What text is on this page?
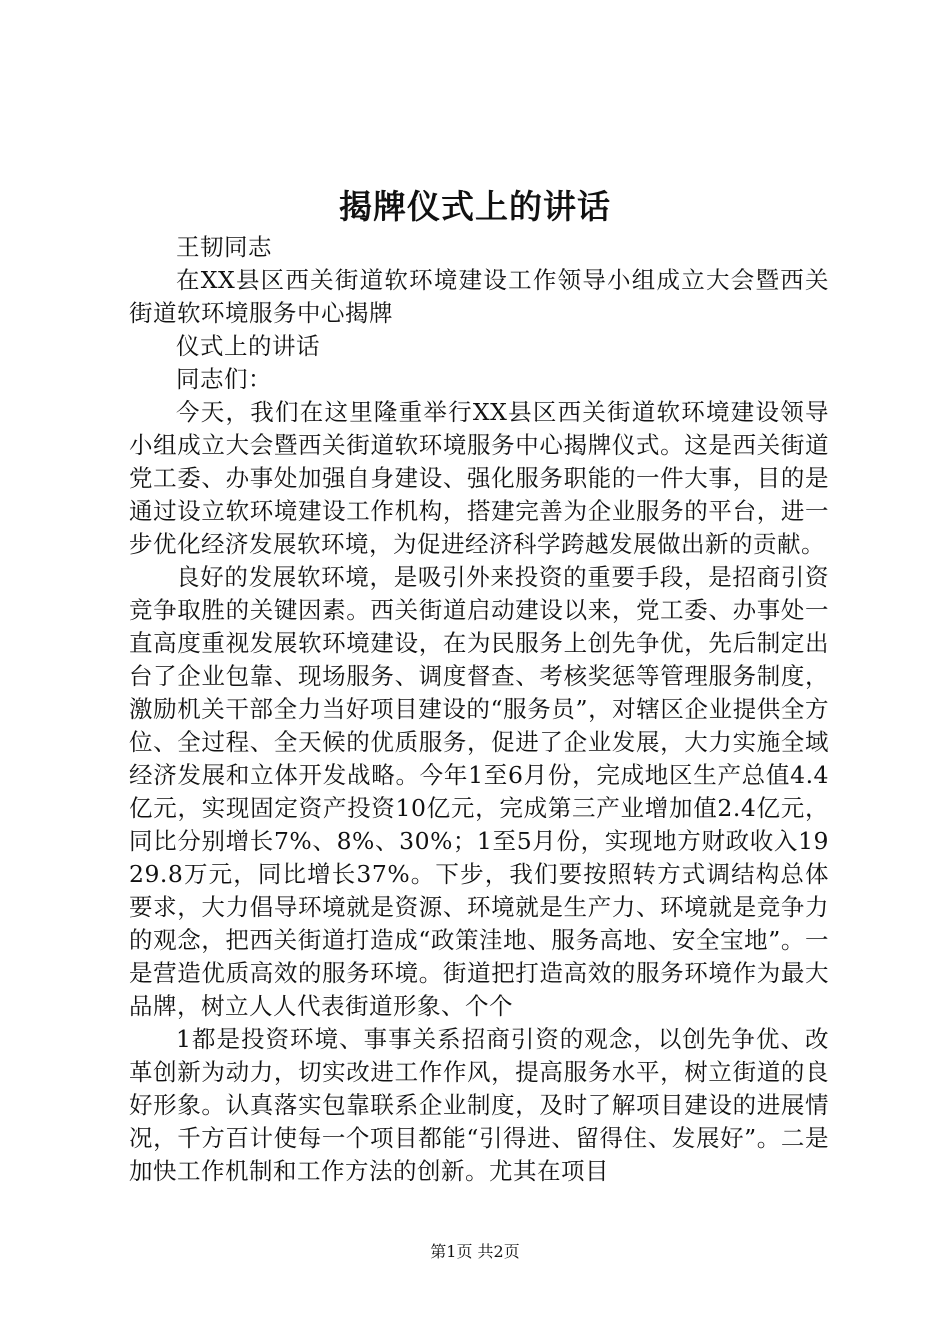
揭牌仪式上的讲话

王韧同志

在XX县区西关街道软环境建设工作领导小组成立大会暨西关街道软环境服务中心揭牌

仪式上的讲话

同志们：

今天，我们在这里隆重举行XX县区西关街道软环境建设领导小组成立大会暨西关街道软环境服务中心揭牌仪式。这是西关街道党工委、办事处加强自身建设、强化服务职能的一件大事，目的是通过设立软环境建设工作机构，搭建完善为企业服务的平台，进一步优化经济发展软环境，为促进经济科学跨越发展做出新的贡献。

良好的发展软环境，是吸引外来投资的重要手段，是招商引资竞争取胜的关键因素。西关街道启动建设以来，党工委、办事处一直高度重视发展软环境建设，在为民服务上创先争优，先后制定出台了企业包靠、现场服务、调度督查、考核奖惩等管理服务制度，激励机关干部全力当好项目建设的“服务员”，对辖区企业提供全方位、全过程、全天候的优质服务，促进了企业发展，大力实施全域经济发展和立体开发战略。今年1至6月份，完成地区生产总值4.4亿元，实现固定资产投资10亿元，完成第三产业增加值2.4亿元，同比分别增长7%、8%、30%；1至5月份，实现地方财政收入1929.8万元，同比增长37%。下步，我们要按照转方式调结构总体要求，大力倡导环境就是资源、环境就是生产力、环境就是竞争力的观念，把西关街道打造成“政策洼地、服务高地、安全宝地”。一是营造优质高效的服务环境。街道把打造高效的服务环境作为最大品牌，树立人人代表街道形象、个个

1都是投资环境、事事关系招商引资的观念，以创先争优、改革创新为动力，切实改进工作作风，提高服务水平，树立街道的良好形象。认真落实包靠联系企业制度，及时了解项目建设的进展情况，千方百计使每一个项目都能“引得进、留得住、发展好”。二是加快工作机制和工作方法的创新。尤其在项目

第1页 共2页
